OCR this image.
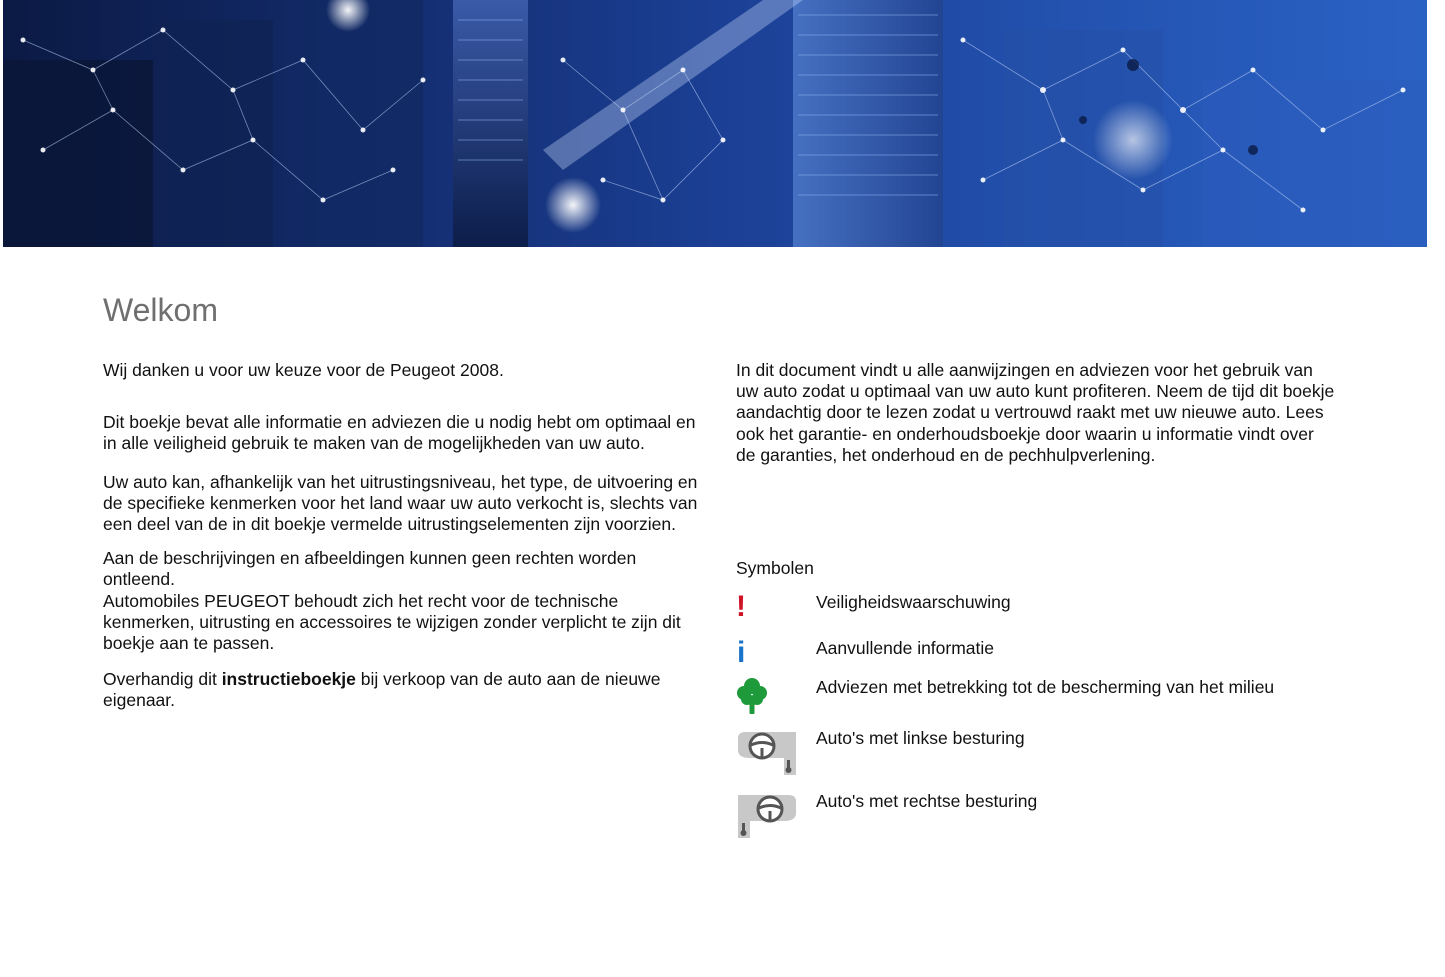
Welkom

Wij danken u voor uw keuze voor de Peugeot 2008.

Dit boekje bevat alle informatie en adviezen die u nodig hebt om optimaal en in alle veiligheid gebruik te maken van de mogelijkheden van uw auto.

Uw auto kan, afhankelijk van het uitrustingsniveau, het type, de uitvoering en de specifieke kenmerken voor het land waar uw auto verkocht is, slechts van een deel van de in dit boekje vermelde uitrustingselementen zijn voorzien.

Aan de beschrijvingen en afbeeldingen kunnen geen rechten worden ontleend.

Automobiles PEUGEOT behoudt zich het recht voor de technische kenmerken, uitrusting en accessoires te wijzigen zonder verplicht te zijn dit boekje aan te passen.

Overhandig dit instructieboekje bij verkoop van de auto aan de nieuwe eigenaar.

In dit document vindt u alle aanwijzingen en adviezen voor het gebruik van uw auto zodat u optimaal van uw auto kunt profiteren. Neem de tijd dit boekje aandachtig door te lezen zodat u vertrouwd raakt met uw nieuwe auto. Lees ook het garantie- en onderhoudsboekje door waarin u informatie vindt over de garanties, het onderhoud en de pechhulpverlening.

Symbolen
!	Veiligheidswaarschuwing
i	Aanvullende informatie
Adviezen met betrekking tot de bescherming van het milieu
Auto's met linkse besturing
Auto's met rechtse besturing
